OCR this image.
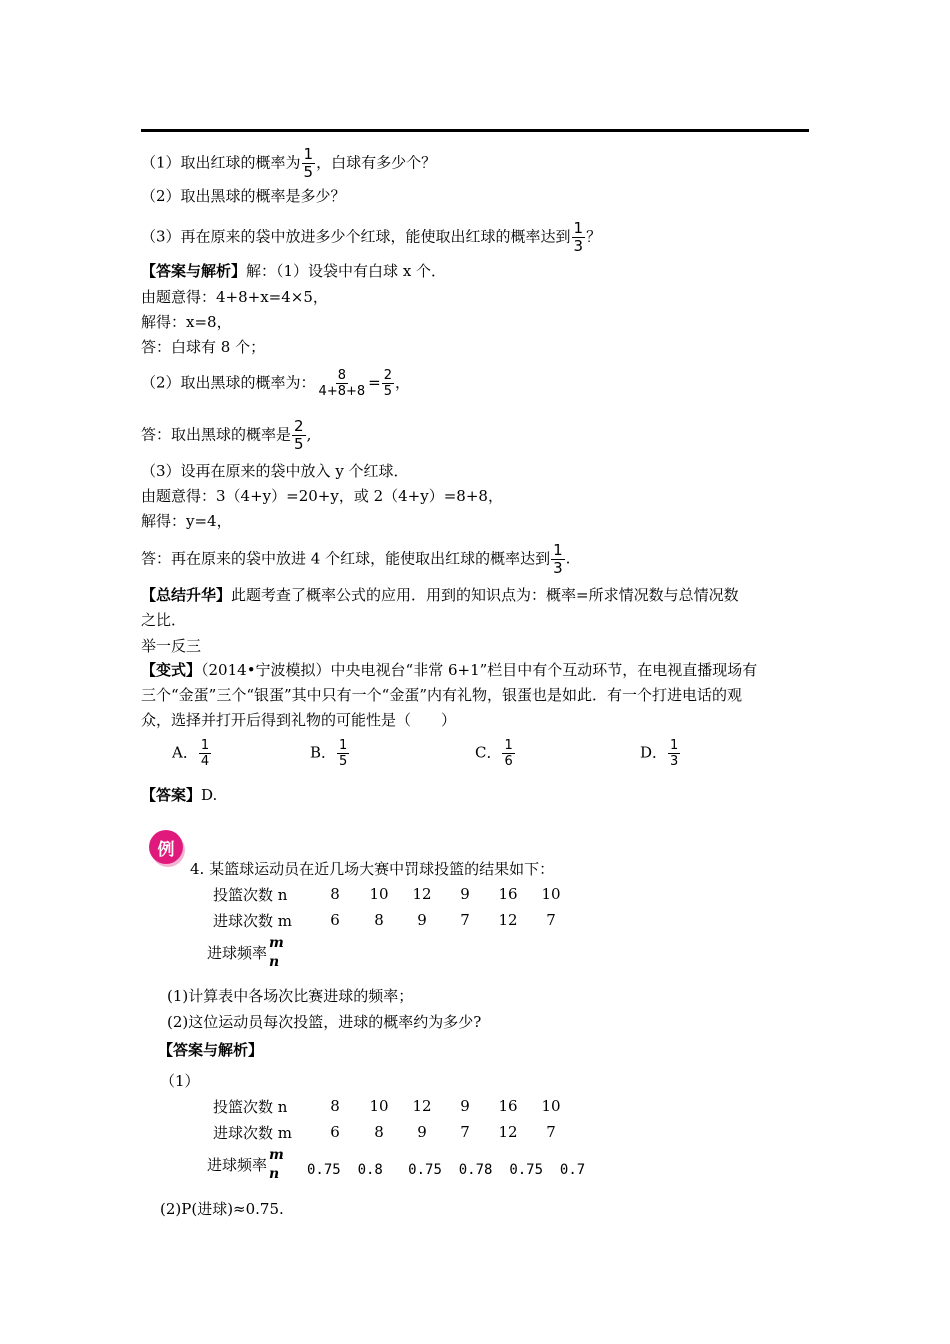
（1）取出红球的概率为 $\frac{1}{5}$ ，白球有多少个？
（2）取出黑球的概率是多少？
（3）再在原来的袋中放进多少个红球，能使取出红球的概率达到 $\frac{1}{3}$ ？
【答案与解析】解：（1）设袋中有白球 x 个．
由题意得：4+8+x=4×5，
解得：x=8，
答：白球有 8 个；
（2）取出黑球的概率为： $\frac{8}{4+8+8} = \frac{2}{5}$ ，
答：取出黑球的概率是 $\frac{2}{5}$ ,
（3）设再在原来的袋中放入 y 个红球．
由题意得：3（4+y）=20+y，或 2（4+y）=8+8，
解得：y=4，
答：再在原来的袋中放进 4 个红球，能使取出红球的概率达到 $\frac{1}{3}$ .
【总结升华】此题考查了概率公式的应用．用到的知识点为：概率=所求情况数与总情况数
之比．
举一反三
【变式】（2014•宁波模拟）中央电视台“非常 6+1”栏目中有个互动环节，在电视直播现场有
三个“金蛋”三个“银蛋”其中只有一个“金蛋”内有礼物，银蛋也是如此．有一个打进电话的观
众，选择并打开后得到礼物的可能性是（　　）
A． $\frac{1}{4}$	B． $\frac{1}{5}$	C． $\frac{1}{6}$	D． $\frac{1}{3}$
【答案】D.
例
4. 某篮球运动员在近几场大赛中罚球投篮的结果如下：
投篮次数 n	8	10	12	9	16	10
进球次数 m	6	8	9	7	12	7
进球频率
m
n
(1)计算表中各场次比赛进球的频率；
(2)这位运动员每次投篮，进球的概率约为多少?
【答案与解析】
（1）
投篮次数 n	8	10	12	9	16	10
进球次数 m	6	8	9	7	12	7
进球频率
m
n	0.75 0.8 0.75 0.78 0.75 0.7
(2)P(进球)≈0.75.
